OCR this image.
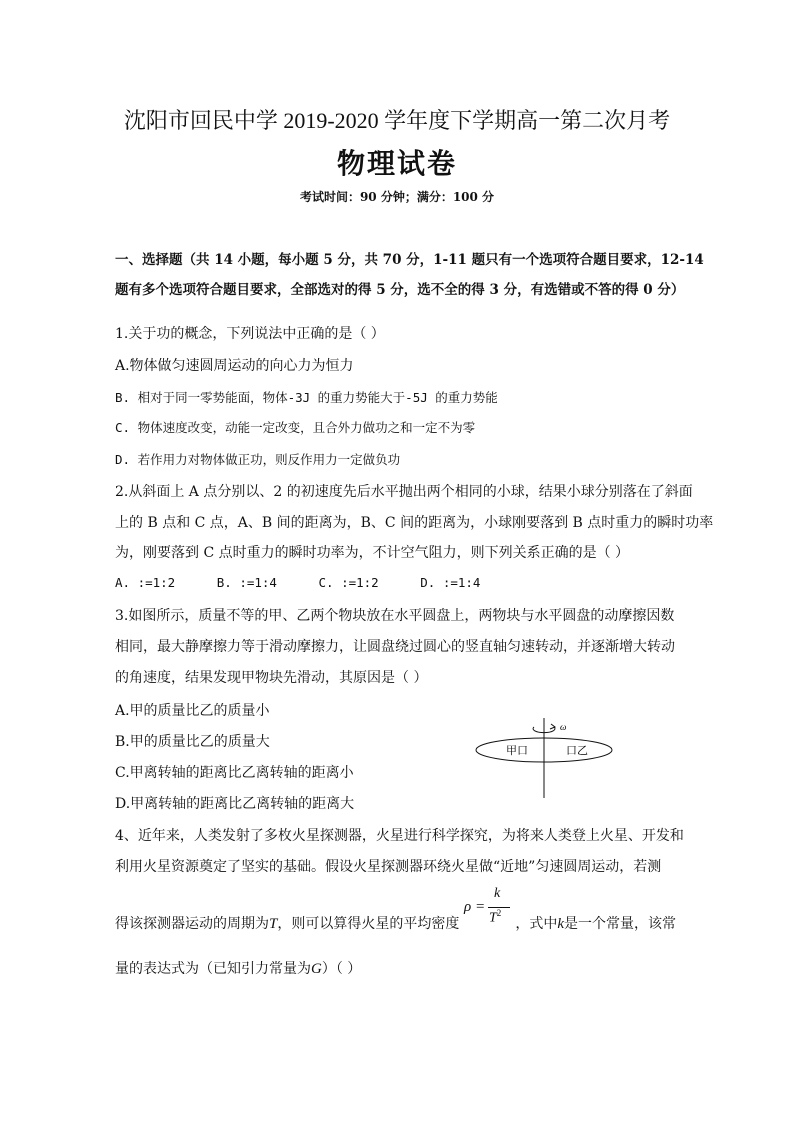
沈阳市回民中学 2019-2020 学年度下学期高一第二次月考
物理试卷
考试时间：90 分钟；满分：100 分
一、选择题（共 14 小题，每小题 5 分，共 70 分，1-11 题只有一个选项符合题目要求，12-14
题有多个选项符合题目要求，全部选对的得 5 分，选不全的得 3 分，有选错或不答的得 0 分）
1.关于功的概念，下列说法中正确的是（ ）
A.物体做匀速圆周运动的向心力为恒力
B. 相对于同一零势能面，物体-3J 的重力势能大于-5J 的重力势能
C. 物体速度改变，动能一定改变，且合外力做功之和一定不为零
D. 若作用力对物体做正功，则反作用力一定做负功
2.从斜面上 A 点分别以、2 的初速度先后水平抛出两个相同的小球，结果小球分别落在了斜面
上的 B 点和 C 点，A、B 间的距离为，B、C 间的距离为，小球刚要落到 B 点时重力的瞬时功率
为，刚要落到 C 点时重力的瞬时功率为，不计空气阻力，则下列关系正确的是（ ）
A. :=1:2	B. :=1:4	C. :=1:2	D. :=1:4
3.如图所示，质量不等的甲、乙两个物块放在水平圆盘上，两物块与水平圆盘的动摩擦因数
相同，最大静摩擦力等于滑动摩擦力，让圆盘绕过圆心的竖直轴匀速转动，并逐渐增大转动
的角速度，结果发现甲物块先滑动，其原因是（ ）
A.甲的质量比乙的质量小
B.甲的质量比乙的质量大
C.甲离转轴的距离比乙离转轴的距离小
D.甲离转轴的距离比乙离转轴的距离大
ω
甲口	口乙
4、近年来，人类发射了多枚火星探测器，火星进行科学探究，为将来人类登上火星、开发和
利用火星资源奠定了坚实的基础。假设火星探测器环绕火星做“近地”匀速圆周运动，若测
得该探测器运动的周期为T，则可以算得火星的平均密度	，式中k是一个常量，该常
ρ =
k
$T^2$
量的表达式为（已知引力常量为G）（ ）
